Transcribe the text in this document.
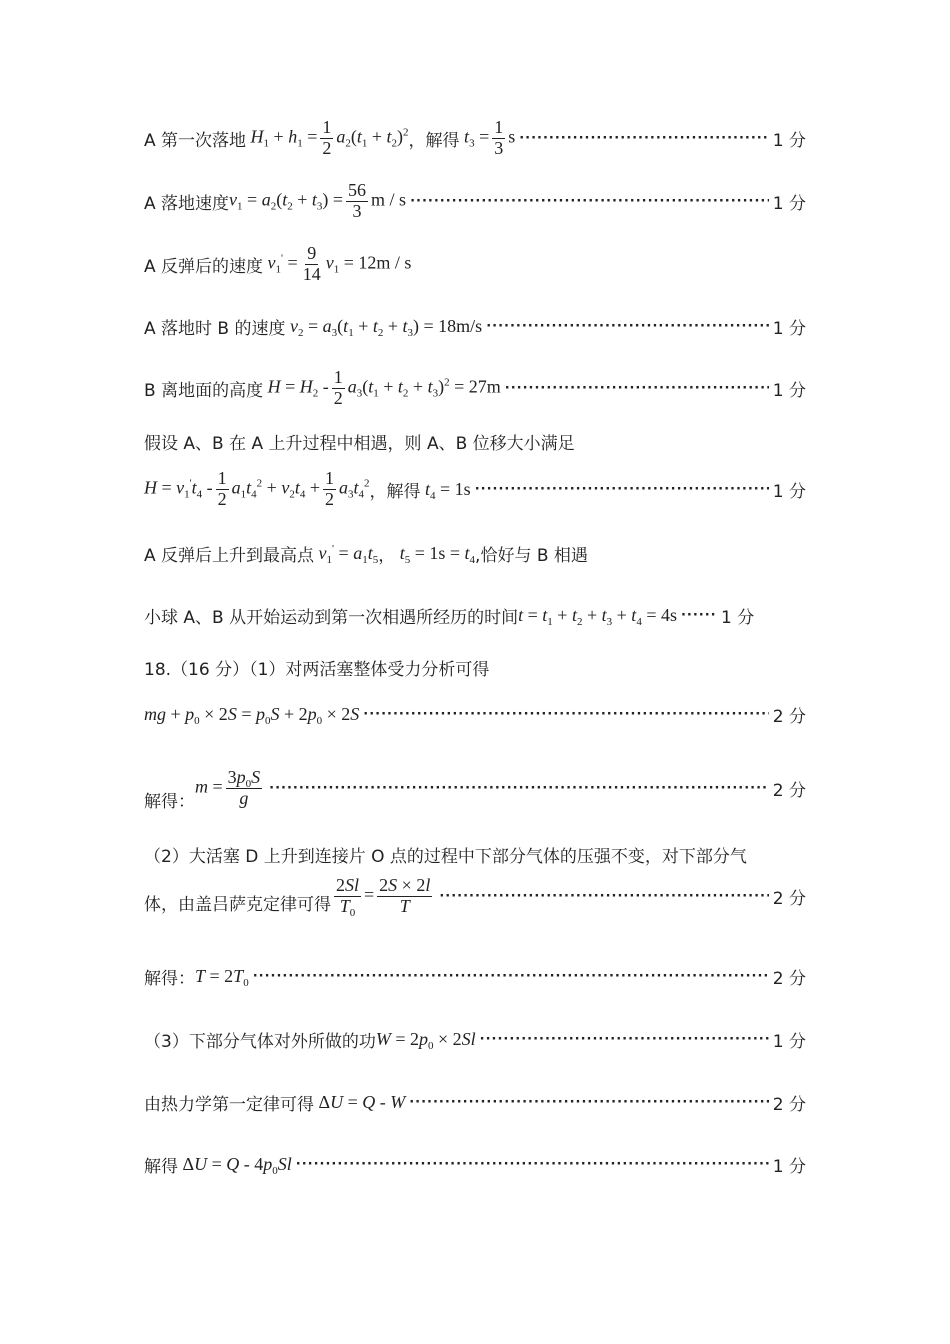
A 第一次落地 $H_1 + h_1 = \frac{1}{2} a_2(t_1 + t_2)^2$ ，解得 $t_3 = \frac{1}{3}$ s ·····	1 分
A 落地速度 $v_1 = a_2(t_2 + t_3) = \frac{56}{3}$ m / s ·····	1 分
A 反弹后的速度 $v_1' = \frac{9}{14} v_1 = 12m / s$
A 落地时 B 的速度 $v_2 = a_3(t_1 + t_2 + t_3) = 18m/s$ ·····	1 分
B 离地面的高度 $H = H_2 - \frac{1}{2} a_3(t_1 + t_2 + t_3)^2 = 27m$ ·····	1 分
假设 A、B 在 A 上升过程中相遇，则 A、B 位移大小满足
$H = v_1't_4 - \frac{1}{2} a_1t_4^2 + v_2t_4 + \frac{1}{2} a_3t_4^2$ ，解得 $t_4 = 1s$ ·····	1 分
A 反弹后上升到最高点 $v_1' = a_1t_5$ ， $t_5 = 1s = t_4$ ,恰好与 B 相遇
小球 A、B 从开始运动到第一次相遇所经历的时间 $t = t_1 + t_2 + t_3 + t_4 = 4s$ ·····	1 分
18.（16 分）（1）对两活塞整体受力分析可得
mg + $p_0 \times 2S = p_0S + 2p_0 \times 2S$ ·····	2 分
解得：
$m = \frac{3p_0S}{g}$ ·····	2 分
（2）大活塞 D 上升到连接片 O 点的过程中下部分气体的压强不变，对下部分气
体，由盖吕萨克定律可得 $\frac{2Sl}{T_0} = \frac{2S \times 2l}{T}$ ·····	2 分
解得： $T = 2T_0$ ·····	2 分
（3）下部分气体对外所做的功 $W = 2p_0 \times 2Sl$ ·····	1 分
由热力学第一定律可得 ΔU = Q - W ·····	2 分
解得 $\Delta U = Q - 4p_0Sl$ ·····	1 分
